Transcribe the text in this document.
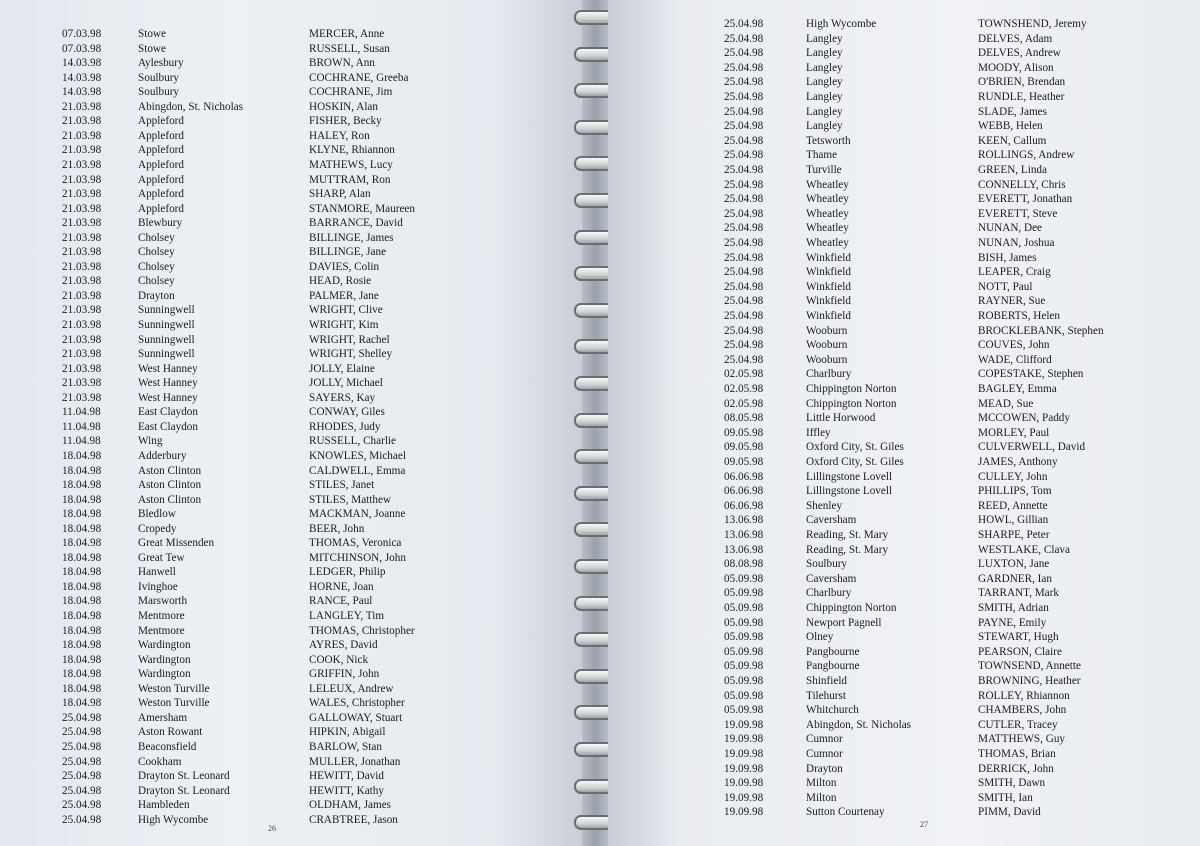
07.03.98	Stowe	MERCER, Anne
07.03.98	Stowe	RUSSELL, Susan
14.03.98	Aylesbury	BROWN, Ann
14.03.98	Soulbury	COCHRANE, Greeba
14.03.98	Soulbury	COCHRANE, Jim
21.03.98	Abingdon, St. Nicholas	HOSKIN, Alan
21.03.98	Appleford	FISHER, Becky
21.03.98	Appleford	HALEY, Ron
21.03.98	Appleford	KLYNE, Rhiannon
21.03.98	Appleford	MATHEWS, Lucy
21.03.98	Appleford	MUTTRAM, Ron
21.03.98	Appleford	SHARP, Alan
21.03.98	Appleford	STANMORE, Maureen
21.03.98	Blewbury	BARRANCE, David
21.03.98	Cholsey	BILLINGE, James
21.03.98	Cholsey	BILLINGE, Jane
21.03.98	Cholsey	DAVIES, Colin
21.03.98	Cholsey	HEAD, Rosie
21.03.98	Drayton	PALMER, Jane
21.03.98	Sunningwell	WRIGHT, Clive
21.03.98	Sunningwell	WRIGHT, Kim
21.03.98	Sunningwell	WRIGHT, Rachel
21.03.98	Sunningwell	WRIGHT, Shelley
21.03.98	West Hanney	JOLLY, Elaine
21.03.98	West Hanney	JOLLY, Michael
21.03.98	West Hanney	SAYERS, Kay
11.04.98	East Claydon	CONWAY, Giles
11.04.98	East Claydon	RHODES, Judy
11.04.98	Wing	RUSSELL, Charlie
18.04.98	Adderbury	KNOWLES, Michael
18.04.98	Aston Clinton	CALDWELL, Emma
18.04.98	Aston Clinton	STILES, Janet
18.04.98	Aston Clinton	STILES, Matthew
18.04.98	Bledlow	MACKMAN, Joanne
18.04.98	Cropedy	BEER, John
18.04.98	Great Missenden	THOMAS, Veronica
18.04.98	Great Tew	MITCHINSON, John
18.04.98	Hanwell	LEDGER, Philip
18.04.98	Ivinghoe	HORNE, Joan
18.04.98	Marsworth	RANCE, Paul
18.04.98	Mentmore	LANGLEY, Tim
18.04.98	Mentmore	THOMAS, Christopher
18.04.98	Wardington	AYRES, David
18.04.98	Wardington	COOK, Nick
18.04.98	Wardington	GRIFFIN, John
18.04.98	Weston Turville	LELEUX, Andrew
18.04.98	Weston Turville	WALES, Christopher
25.04.98	Amersham	GALLOWAY, Stuart
25.04.98	Aston Rowant	HIPKIN, Abigail
25.04.98	Beaconsfield	BARLOW, Stan
25.04.98	Cookham	MULLER, Jonathan
25.04.98	Drayton St. Leonard	HEWITT, David
25.04.98	Drayton St. Leonard	HEWITT, Kathy
25.04.98	Hambleden	OLDHAM, James
25.04.98	High Wycombe	CRABTREE, Jason
26
25.04.98	High Wycombe	TOWNSHEND, Jeremy
25.04.98	Langley	DELVES, Adam
25.04.98	Langley	DELVES, Andrew
25.04.98	Langley	MOODY, Alison
25.04.98	Langley	O'BRIEN, Brendan
25.04.98	Langley	RUNDLE, Heather
25.04.98	Langley	SLADE, James
25.04.98	Langley	WEBB, Helen
25.04.98	Tetsworth	KEEN, Callum
25.04.98	Thame	ROLLINGS, Andrew
25.04.98	Turville	GREEN, Linda
25.04.98	Wheatley	CONNELLY, Chris
25.04.98	Wheatley	EVERETT, Jonathan
25.04.98	Wheatley	EVERETT, Steve
25.04.98	Wheatley	NUNAN, Dee
25.04.98	Wheatley	NUNAN, Joshua
25.04.98	Winkfield	BISH, James
25.04.98	Winkfield	LEAPER, Craig
25.04.98	Winkfield	NOTT, Paul
25.04.98	Winkfield	RAYNER, Sue
25.04.98	Winkfield	ROBERTS, Helen
25.04.98	Wooburn	BROCKLEBANK, Stephen
25.04.98	Wooburn	COUVES, John
25.04.98	Wooburn	WADE, Clifford
02.05.98	Charlbury	COPESTAKE, Stephen
02.05.98	Chippington Norton	BAGLEY, Emma
02.05.98	Chippington Norton	MEAD, Sue
08.05.98	Little Horwood	MCCOWEN, Paddy
09.05.98	Iffley	MORLEY, Paul
09.05.98	Oxford City, St. Giles	CULVERWELL, David
09.05.98	Oxford City, St. Giles	JAMES, Anthony
06.06.98	Lillingstone Lovell	CULLEY, John
06.06.98	Lillingstone Lovell	PHILLIPS, Tom
06.06.98	Shenley	REED, Annette
13.06.98	Caversham	HOWL, Gillian
13.06.98	Reading, St. Mary	SHARPE, Peter
13.06.98	Reading, St. Mary	WESTLAKE, Clava
08.08.98	Soulbury	LUXTON, Jane
05.09.98	Caversham	GARDNER, Ian
05.09.98	Charlbury	TARRANT, Mark
05.09.98	Chippington Norton	SMITH, Adrian
05.09.98	Newport Pagnell	PAYNE, Emily
05.09.98	Olney	STEWART, Hugh
05.09.98	Pangbourne	PEARSON, Claire
05.09.98	Pangbourne	TOWNSEND, Annette
05.09.98	Shinfield	BROWNING, Heather
05.09.98	Tilehurst	ROLLEY, Rhiannon
05.09.98	Whitchurch	CHAMBERS, John
19.09.98	Abingdon, St. Nicholas	CUTLER, Tracey
19.09.98	Cumnor	MATTHEWS, Guy
19.09.98	Cumnor	THOMAS, Brian
19.09.98	Drayton	DERRICK, John
19.09.98	Milton	SMITH, Dawn
19.09.98	Milton	SMITH, Ian
19.09.98	Sutton Courtenay	PIMM, David
27
